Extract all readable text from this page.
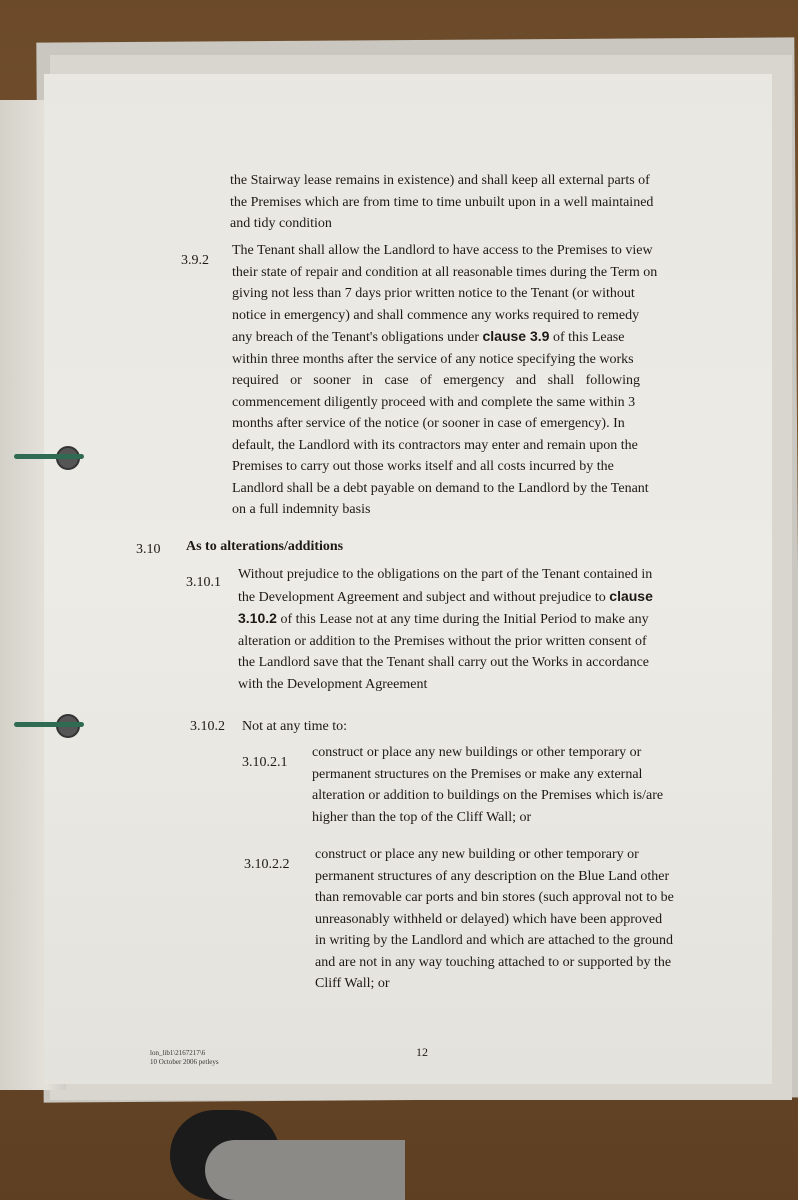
the Stairway lease remains in existence) and shall keep all external parts of

the Premises which are from time to time unbuilt upon in a well maintained

and tidy condition

3.9.2

The Tenant shall allow the Landlord to have access to the Premises to view

their state of repair and condition at all reasonable times during the Term on

giving not less than 7 days prior written notice to the Tenant (or without

notice in emergency) and shall commence any works required to remedy

any breach of the Tenant's obligations under clause 3.9 of this Lease

within three months after the service of any notice specifying the works

required or sooner in case of emergency and shall following

commencement diligently proceed with and complete the same within 3

months after service of the notice (or sooner in case of emergency). In

default, the Landlord with its contractors may enter and remain upon the

Premises to carry out those works itself and all costs incurred by the

Landlord shall be a debt payable on demand to the Landlord by the Tenant

on a full indemnity basis

3.10 As to alterations/additions
3.10.1

Without prejudice to the obligations on the part of the Tenant contained in

the Development Agreement and subject and without prejudice to clause

3.10.2 of this Lease not at any time during the Initial Period to make any

alteration or addition to the Premises without the prior written consent of

the Landlord save that the Tenant shall carry out the Works in accordance

with the Development Agreement

3.10.2 Not at any time to:
3.10.2.1

construct or place any new buildings or other temporary or

permanent structures on the Premises or make any external

alteration or addition to buildings on the Premises which is/are

higher than the top of the Cliff Wall; or

3.10.2.2

construct or place any new building or other temporary or

permanent structures of any description on the Blue Land other

than removable car ports and bin stores (such approval not to be

unreasonably withheld or delayed) which have been approved

in writing by the Landlord and which are attached to the ground

and are not in any way touching attached to or supported by the

Cliff Wall; or

12
lon_lib1\2167217\6
10 October 2006 petleys
